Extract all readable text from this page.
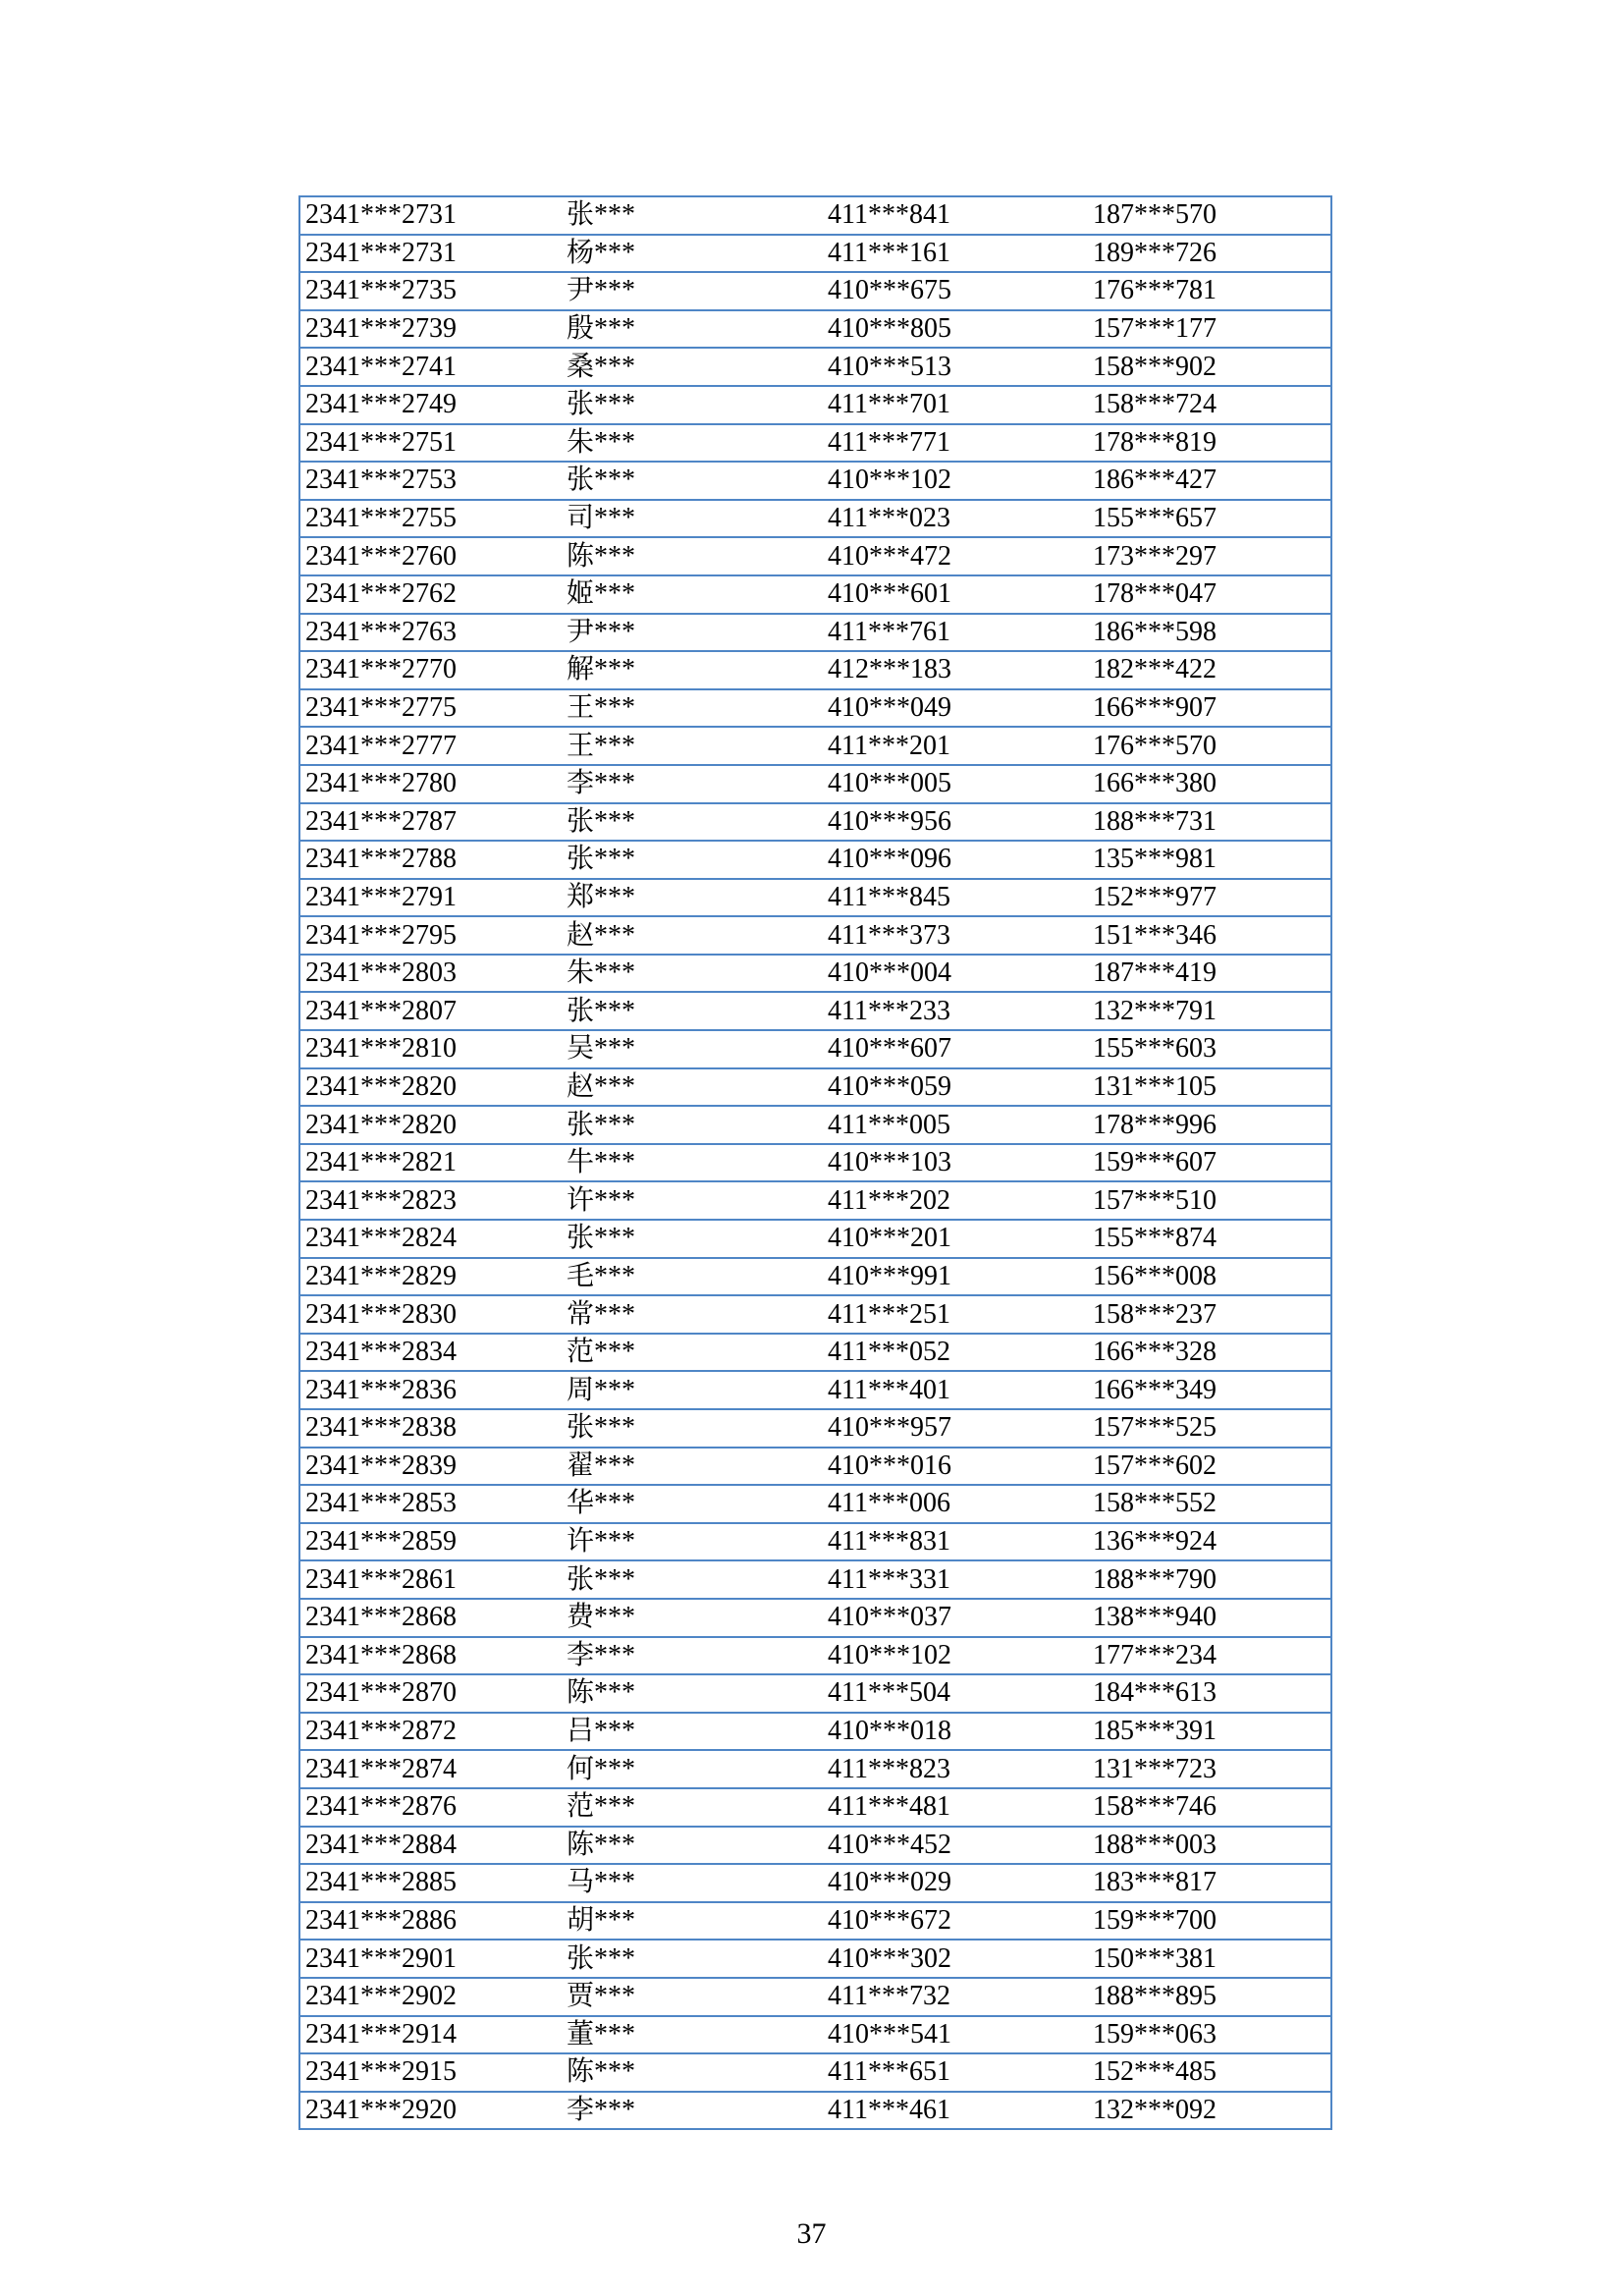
2341***2731	张***	411***841	187***570
2341***2731	杨***	411***161	189***726
2341***2735	尹***	410***675	176***781
2341***2739	殷***	410***805	157***177
2341***2741	桑***	410***513	158***902
2341***2749	张***	411***701	158***724
2341***2751	朱***	411***771	178***819
2341***2753	张***	410***102	186***427
2341***2755	司***	411***023	155***657
2341***2760	陈***	410***472	173***297
2341***2762	姬***	410***601	178***047
2341***2763	尹***	411***761	186***598
2341***2770	解***	412***183	182***422
2341***2775	王***	410***049	166***907
2341***2777	王***	411***201	176***570
2341***2780	李***	410***005	166***380
2341***2787	张***	410***956	188***731
2341***2788	张***	410***096	135***981
2341***2791	郑***	411***845	152***977
2341***2795	赵***	411***373	151***346
2341***2803	朱***	410***004	187***419
2341***2807	张***	411***233	132***791
2341***2810	吴***	410***607	155***603
2341***2820	赵***	410***059	131***105
2341***2820	张***	411***005	178***996
2341***2821	牛***	410***103	159***607
2341***2823	许***	411***202	157***510
2341***2824	张***	410***201	155***874
2341***2829	毛***	410***991	156***008
2341***2830	常***	411***251	158***237
2341***2834	范***	411***052	166***328
2341***2836	周***	411***401	166***349
2341***2838	张***	410***957	157***525
2341***2839	翟***	410***016	157***602
2341***2853	华***	411***006	158***552
2341***2859	许***	411***831	136***924
2341***2861	张***	411***331	188***790
2341***2868	费***	410***037	138***940
2341***2868	李***	410***102	177***234
2341***2870	陈***	411***504	184***613
2341***2872	吕***	410***018	185***391
2341***2874	何***	411***823	131***723
2341***2876	范***	411***481	158***746
2341***2884	陈***	410***452	188***003
2341***2885	马***	410***029	183***817
2341***2886	胡***	410***672	159***700
2341***2901	张***	410***302	150***381
2341***2902	贾***	411***732	188***895
2341***2914	董***	410***541	159***063
2341***2915	陈***	411***651	152***485
2341***2920	李***	411***461	132***092
37
